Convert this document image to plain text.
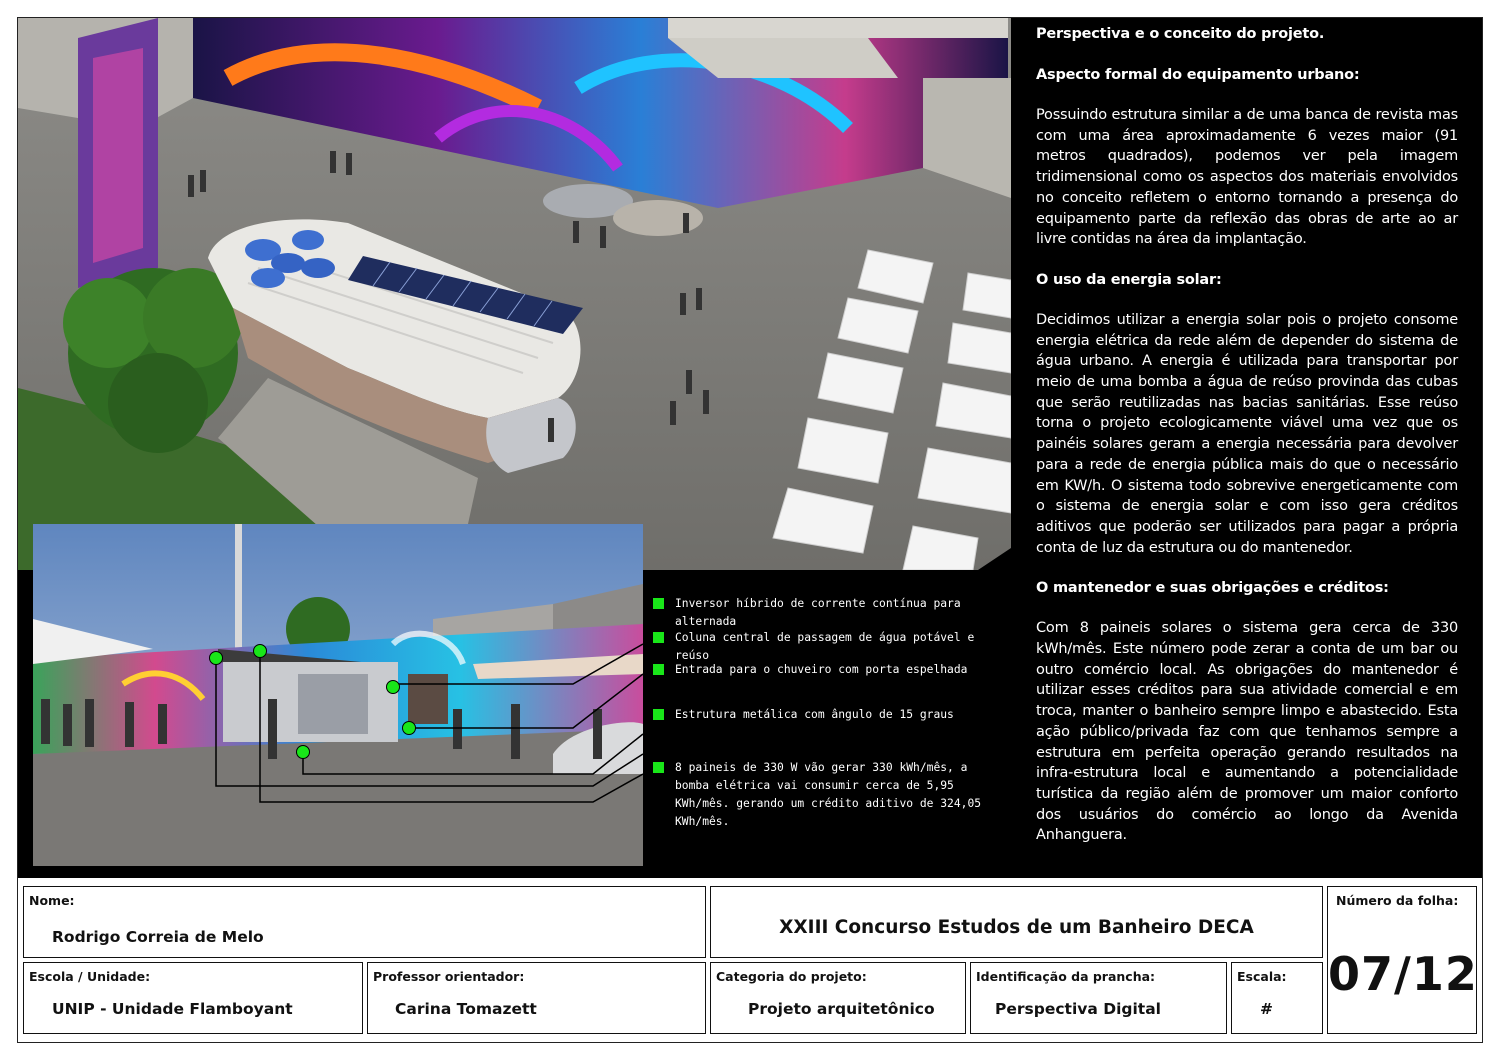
Inversor híbrido de corrente contínua para alternada
Coluna central de passagem de água potável e reúso
Entrada para o chuveiro com porta espelhada
Estrutura metálica com ângulo de 15 graus
8 paineis de 330 W vão gerar 330 kWh/mês, a bomba elétrica vai consumir cerca de 5,95 KWh/mês. gerando um crédito aditivo de 324,05 KWh/mês.
Perspectiva e o conceito do projeto.
Aspecto formal do equipamento urbano:

Possuindo estrutura similar a de uma banca de revista mas com uma área aproximadamente 6 vezes maior (91 metros quadrados), podemos ver pela imagem tridimensional como os aspectos dos materiais envolvidos no conceito refletem o entorno tornando a presença do equipamento parte da reflexão das obras de arte ao ar livre contidas na área da implantação.

O uso da energia solar:

Decidimos utilizar a energia solar pois o projeto consome energia elétrica da rede além de depender do sistema de água urbano. A energia é utilizada para transportar por meio de uma bomba a água de reúso provinda das cubas que serão reutilizadas nas bacias sanitárias. Esse reúso torna o projeto ecologicamente viável uma vez que os painéis solares geram a energia necessária para devolver para a rede de energia pública mais do que o necessário em KW/h. O sistema todo sobrevive energeticamente com o sistema de energia solar e com isso gera créditos aditivos que poderão ser utilizados para pagar a própria conta de luz da estrutura ou do mantenedor.

O mantenedor e suas obrigações e créditos:

Com 8 paineis solares o sistema gera cerca de 330 kWh/mês. Este número pode zerar a conta de um bar ou outro comércio local. As obrigações do mantenedor é utilizar esses créditos para sua atividade comercial e em troca, manter o banheiro sempre limpo e abastecido. Esta ação público/privada faz com que tenhamos sempre a estrutura em perfeita operação gerando resultados na infra-estrutura local e aumentando a potencialidade turística da região além de promover um maior conforto dos usuários do comércio ao longo da Avenida Anhanguera.

Nome:
Rodrigo Correia de Melo	XXIII Concurso Estudos de um Banheiro DECA
Número da folha:
07/12
Escola / Unidade:
UNIP - Unidade Flamboyant
Professor orientador:
Carina Tomazett
Categoria do projeto:
Projeto arquitetônico
Identificação da prancha:
Perspectiva Digital
Escala:
#
